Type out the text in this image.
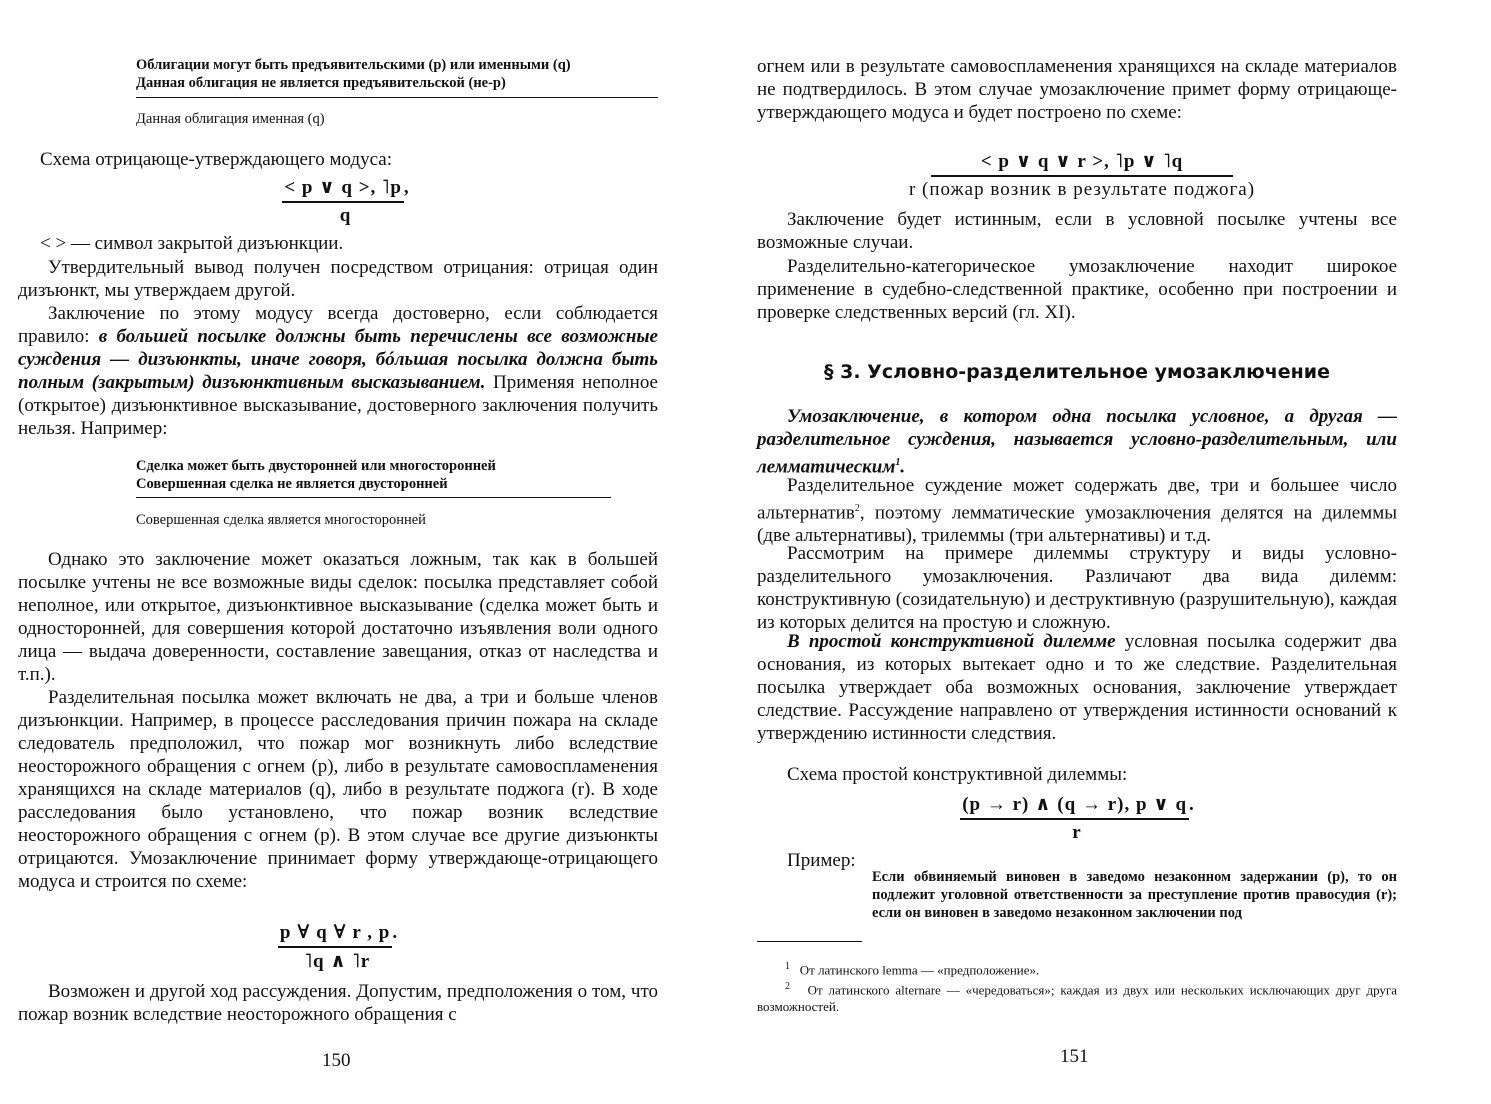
Облигации могут быть предъявительскими (р) или именными (q)

Данная облигация не является предъявительской (не-р)

Данная облигация именная (q)

Схема отрицающе-утверждающего модуса:

< p ∨ q >, ˥p ,
q

< > — символ закрытой дизъюнкции.

Утвердительный вывод получен посредством отрицания: отрицая один дизъюнкт, мы утверждаем другой.

Заключение по этому модусу всегда достоверно, если соблюдается правило: в большей посылке должны быть перечислены все возможные суждения — дизъюнкты, иначе говоря, бóльшая посылка должна быть полным (закрытым) дизъюнктивным высказыванием. Применяя неполное (открытое) дизъюнктивное высказывание, достоверного заключения получить нельзя. Например:

Сделка может быть двусторонней или многосторонней

Совершенная сделка не является двусторонней

Совершенная сделка является многосторонней

Однако это заключение может оказаться ложным, так как в большей посылке учтены не все возможные виды сделок: посылка представляет собой неполное, или открытое, дизъюнктивное высказывание (сделка может быть и односторонней, для совершения которой достаточно изъявления воли одного лица — выдача доверенности, составление завещания, отказ от наследства и т.п.).

Разделительная посылка может включать не два, а три и больше членов дизъюнкции. Например, в процессе расследования причин пожара на складе следователь предположил, что пожар мог возникнуть либо вследствие неосторожного обращения с огнем (p), либо в результате самовоспламенения хранящихся на складе материалов (q), либо в результате поджога (r). В ходе расследования было установлено, что пожар возник вследствие неосторожного обращения с огнем (p). В этом случае все другие дизъюнкты отрицаются. Умозаключение принимает форму утверждающе-отрицающего модуса и строится по схеме:

p ∀ q ∀ r , p .
˥q ∧ ˥r

Возможен и другой ход рассуждения. Допустим, предположения о том, что пожар возник вследствие неосторожного обращения с

150

огнем или в результате самовоспламенения хранящихся на складе материалов не подтвердилось. В этом случае умозаключение примет форму отрицающе-утверждающего модуса и будет построено по схеме:

< p ∨ q ∨ r >, ˥p ∨ ˥q
r (пожар возник в результате поджога)

Заключение будет истинным, если в условной посылке учтены все возможные случаи.

Разделительно-категорическое умозаключение находит широкое применение в судебно-следственной практике, особенно при построении и проверке следственных версий (гл. XI).

§ 3. Условно-разделительное умозаключение

Умозаключение, в котором одна посылка условное, а другая — разделительное суждения, называется условно-разделительным, или лемматическим$^1$.

Разделительное суждение может содержать две, три и большее число альтернатив$^2$, поэтому лемматические умозаключения делятся на дилеммы (две альтернативы), трилеммы (три альтернативы) и т.д.

Рассмотрим на примере дилеммы структуру и виды условно-разделительного умозаключения. Различают два вида дилемм: конструктивную (созидательную) и деструктивную (разрушительную), каждая из которых делится на простую и сложную.

В простой конструктивной дилемме условная посылка содержит два основания, из которых вытекает одно и то же следствие. Разделительная посылка утверждает оба возможных основания, заключение утверждает следствие. Рассуждение направлено от утверждения истинности оснований к утверждению истинности следствия.

Схема простой конструктивной дилеммы:

(p → r) ∧ (q → r), p ∨ q .
r

Пример:

Если обвиняемый виновен в заведомо незаконном задержании (р), то он подлежит уголовной ответственности за преступление против правосудия (r); если он виновен в заведомо незаконном заключении под

$^1$ От латинского lemma — «предположение».

$^2$ От латинского alternare — «чередоваться»; каждая из двух или нескольких исключающих друг друга возможностей.

151
